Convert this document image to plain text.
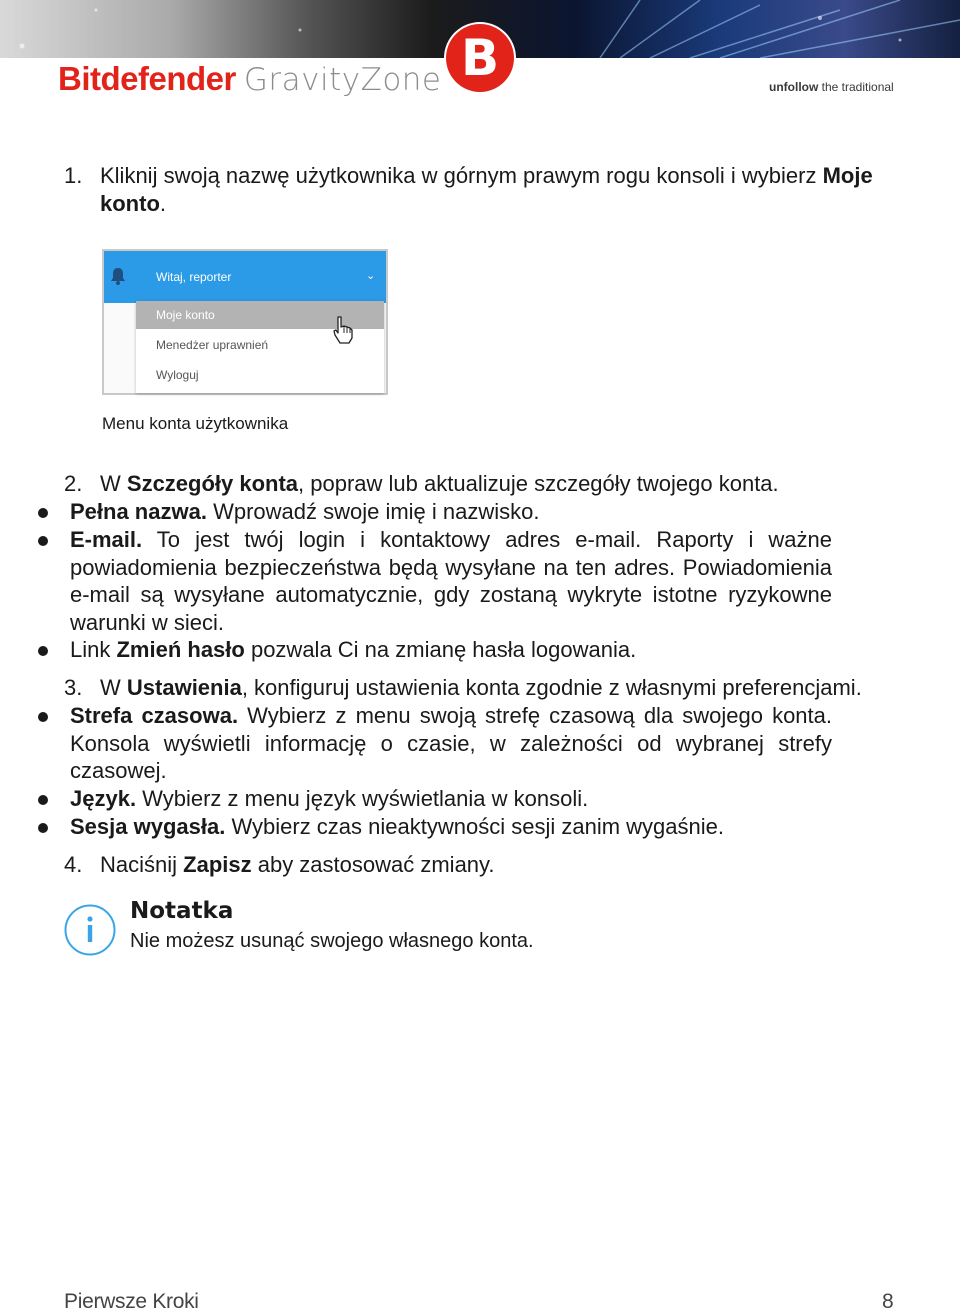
Bitdefender GravityZone B	unfollow the traditional
1. Kliknij swoją nazwę użytkownika w górnym prawym rogu konsoli i wybierz Moje konto.
Witaj, reporter	⌄
Moje konto
Menedżer uprawnień
Wyloguj
Menu konta użytkownika
2. W Szczegóły konta, popraw lub aktualizuje szczegóły twojego konta.
Pełna nazwa. Wprowadź swoje imię i nazwisko.
E-mail. To jest twój login i kontaktowy adres e-mail. Raporty i ważne powiadomienia bezpieczeństwa będą wysyłane na ten adres. Powiadomienia e-mail są wysyłane automatycznie, gdy zostaną wykryte istotne ryzykowne warunki w sieci.
Link Zmień hasło pozwala Ci na zmianę hasła logowania.
3. W Ustawienia, konfiguruj ustawienia konta zgodnie z własnymi preferencjami.
Strefa czasowa. Wybierz z menu swoją strefę czasową dla swojego konta. Konsola wyświetli informację o czasie, w zależności od wybranej strefy czasowej.
Język. Wybierz z menu język wyświetlania w konsoli.
Sesja wygasła. Wybierz czas nieaktywności sesji zanim wygaśnie.
4. Naciśnij Zapisz aby zastosować zmiany.
Notatka
Nie możesz usunąć swojego własnego konta.
Pierwsze Kroki	8
